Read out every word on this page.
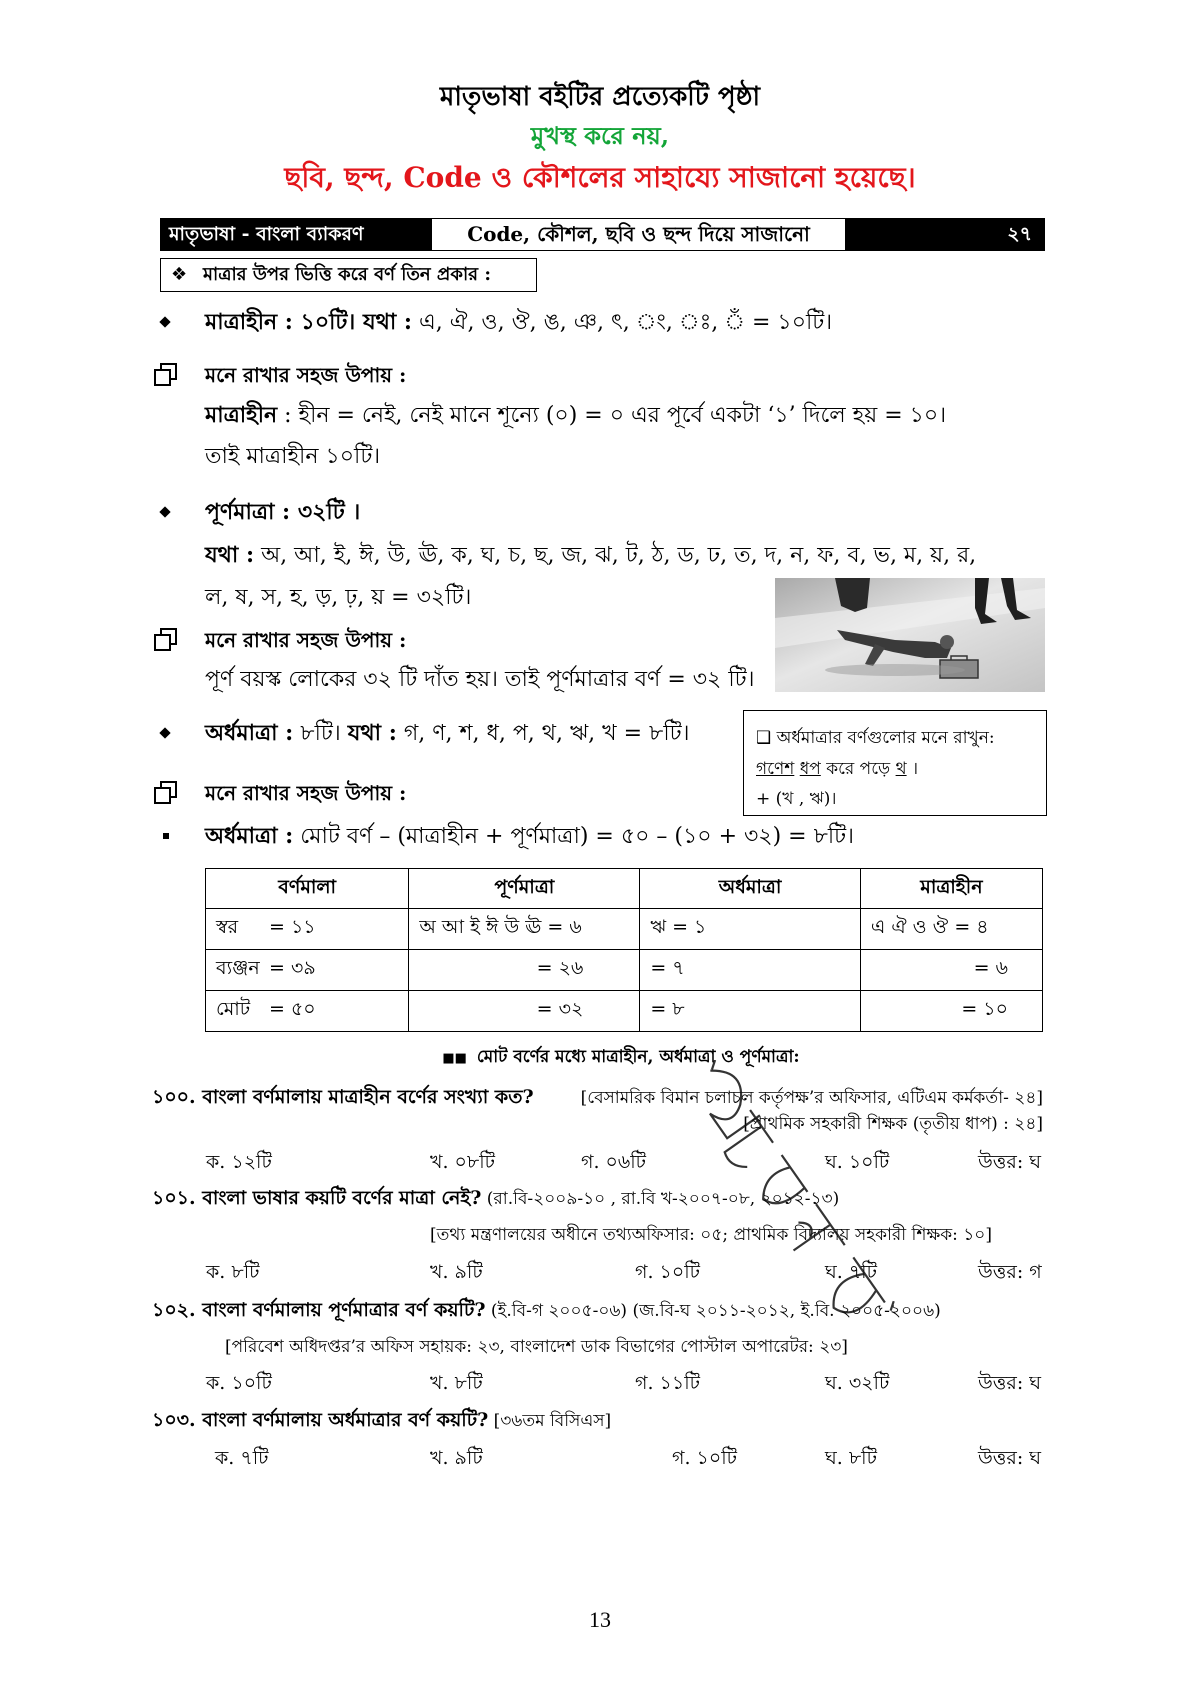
মাতৃভাষা বইটির প্রত্যেকটি পৃষ্ঠা
মুখস্থ করে নয়,
ছবি, ছন্দ, Code ও কৌশলের সাহায্যে সাজানো হয়েছে।
মাতৃভাষা - বাংলা ব্যাকরণ	Code, কৌশল, ছবি ও ছন্দ দিয়ে সাজানো	২৭
❖ মাত্রার উপর ভিত্তি করে বর্ণ তিন প্রকার :
মাত্রাহীন : ১০টি। যথা : এ, ঐ, ও, ঔ, ঙ, ঞ, ৎ, ং, ঃ, ঁ = ১০টি।
মনে রাখার সহজ উপায় :
মাত্রাহীন : হীন = নেই, নেই মানে শূন্যে (০) = ০ এর পূর্বে একটা ‘১’ দিলে হয় = ১০।
তাই মাত্রাহীন ১০টি।
পূর্ণমাত্রা : ৩২টি ।
যথা : অ, আ, ই, ঈ, উ, ঊ, ক, ঘ, চ, ছ, জ, ঝ, ট, ঠ, ড, ঢ, ত, দ, ন, ফ, ব, ভ, ম, য়, র,
ল, ষ, স, হ, ড়, ঢ়, য় = ৩২টি।
মনে রাখার সহজ উপায় :
পূর্ণ বয়স্ক লোকের ৩২ টি দাঁত হয়। তাই পূর্ণমাত্রার বর্ণ = ৩২ টি।
অর্ধমাত্রা : ৮টি। যথা : গ, ণ, শ, ধ, প, থ, ঋ, খ = ৮টি।	❑ অর্ধমাত্রার বর্ণগুলোর মনে রাখুন:
গণেশ ধপ করে পড়ে থ ।
+ (খ , ঋ)।
মনে রাখার সহজ উপায় :
অর্ধমাত্রা : মোট বর্ণ – (মাত্রাহীন + পূর্ণমাত্রা) = ৫০ – (১০ + ৩২) = ৮টি।
বর্ণমালা	পূর্ণমাত্রা	অর্ধমাত্রা	মাত্রাহীন
স্বর = ১১	অ আ ই ঈ উ ঊ = ৬	ঋ = ১	এ ঐ ও ঔ = ৪
ব্যঞ্জন = ৩৯	= ২৬	= ৭	= ৬
মোট = ৫০	= ৩২	= ৮	= ১০
■■ মোট বর্ণের মধ্যে মাত্রাহীন, অর্ধমাত্রা ও পূর্ণমাত্রা:
১০০. বাংলা বর্ণমালায় মাত্রাহীন বর্ণের সংখ্যা কত?	[বেসামরিক বিমান চলাচল কর্তৃপক্ষ’র অফিসার, এটিএম কর্মকর্তা- ২৪]
[প্রাথমিক সহকারী শিক্ষক (তৃতীয় ধাপ) : ২৪]
ক. ১২টি	খ. ০৮টি	গ. ০৬টি	ঘ. ১০টি	উত্তর: ঘ
১০১. বাংলা ভাষার কয়টি বর্ণের মাত্রা নেই? (রা.বি-২০০৯-১০ , রা.বি খ-২০০৭-০৮, ২০১২-১৩)
[তথ্য মন্ত্রণালয়ের অধীনে তথ্যঅফিসার: ০৫; প্রাথমিক বিদ্যালয় সহকারী শিক্ষক: ১০]
ক. ৮টি	খ. ৯টি	গ. ১০টি	ঘ. ৭টি	উত্তর: গ
১০২. বাংলা বর্ণমালায় পূর্ণমাত্রার বর্ণ কয়টি? (ই.বি-গ ২০০৫-০৬) (জ.বি-ঘ ২০১১-২০১২, ই.বি. ২০০৫-২০০৬)
[পরিবেশ অধিদপ্তর’র অফিস সহায়ক: ২৩, বাংলাদেশ ডাক বিভাগের পোস্টাল অপারেটর: ২৩]
ক. ১০টি	খ. ৮টি	গ. ১১টি	ঘ. ৩২টি	উত্তর: ঘ
১০৩. বাংলা বর্ণমালায় অর্ধমাত্রার বর্ণ কয়টি? [৩৬তম বিসিএস]
ক. ৭টি	খ. ৯টি	গ. ১০টি	ঘ. ৮টি	উত্তর: ঘ
13
